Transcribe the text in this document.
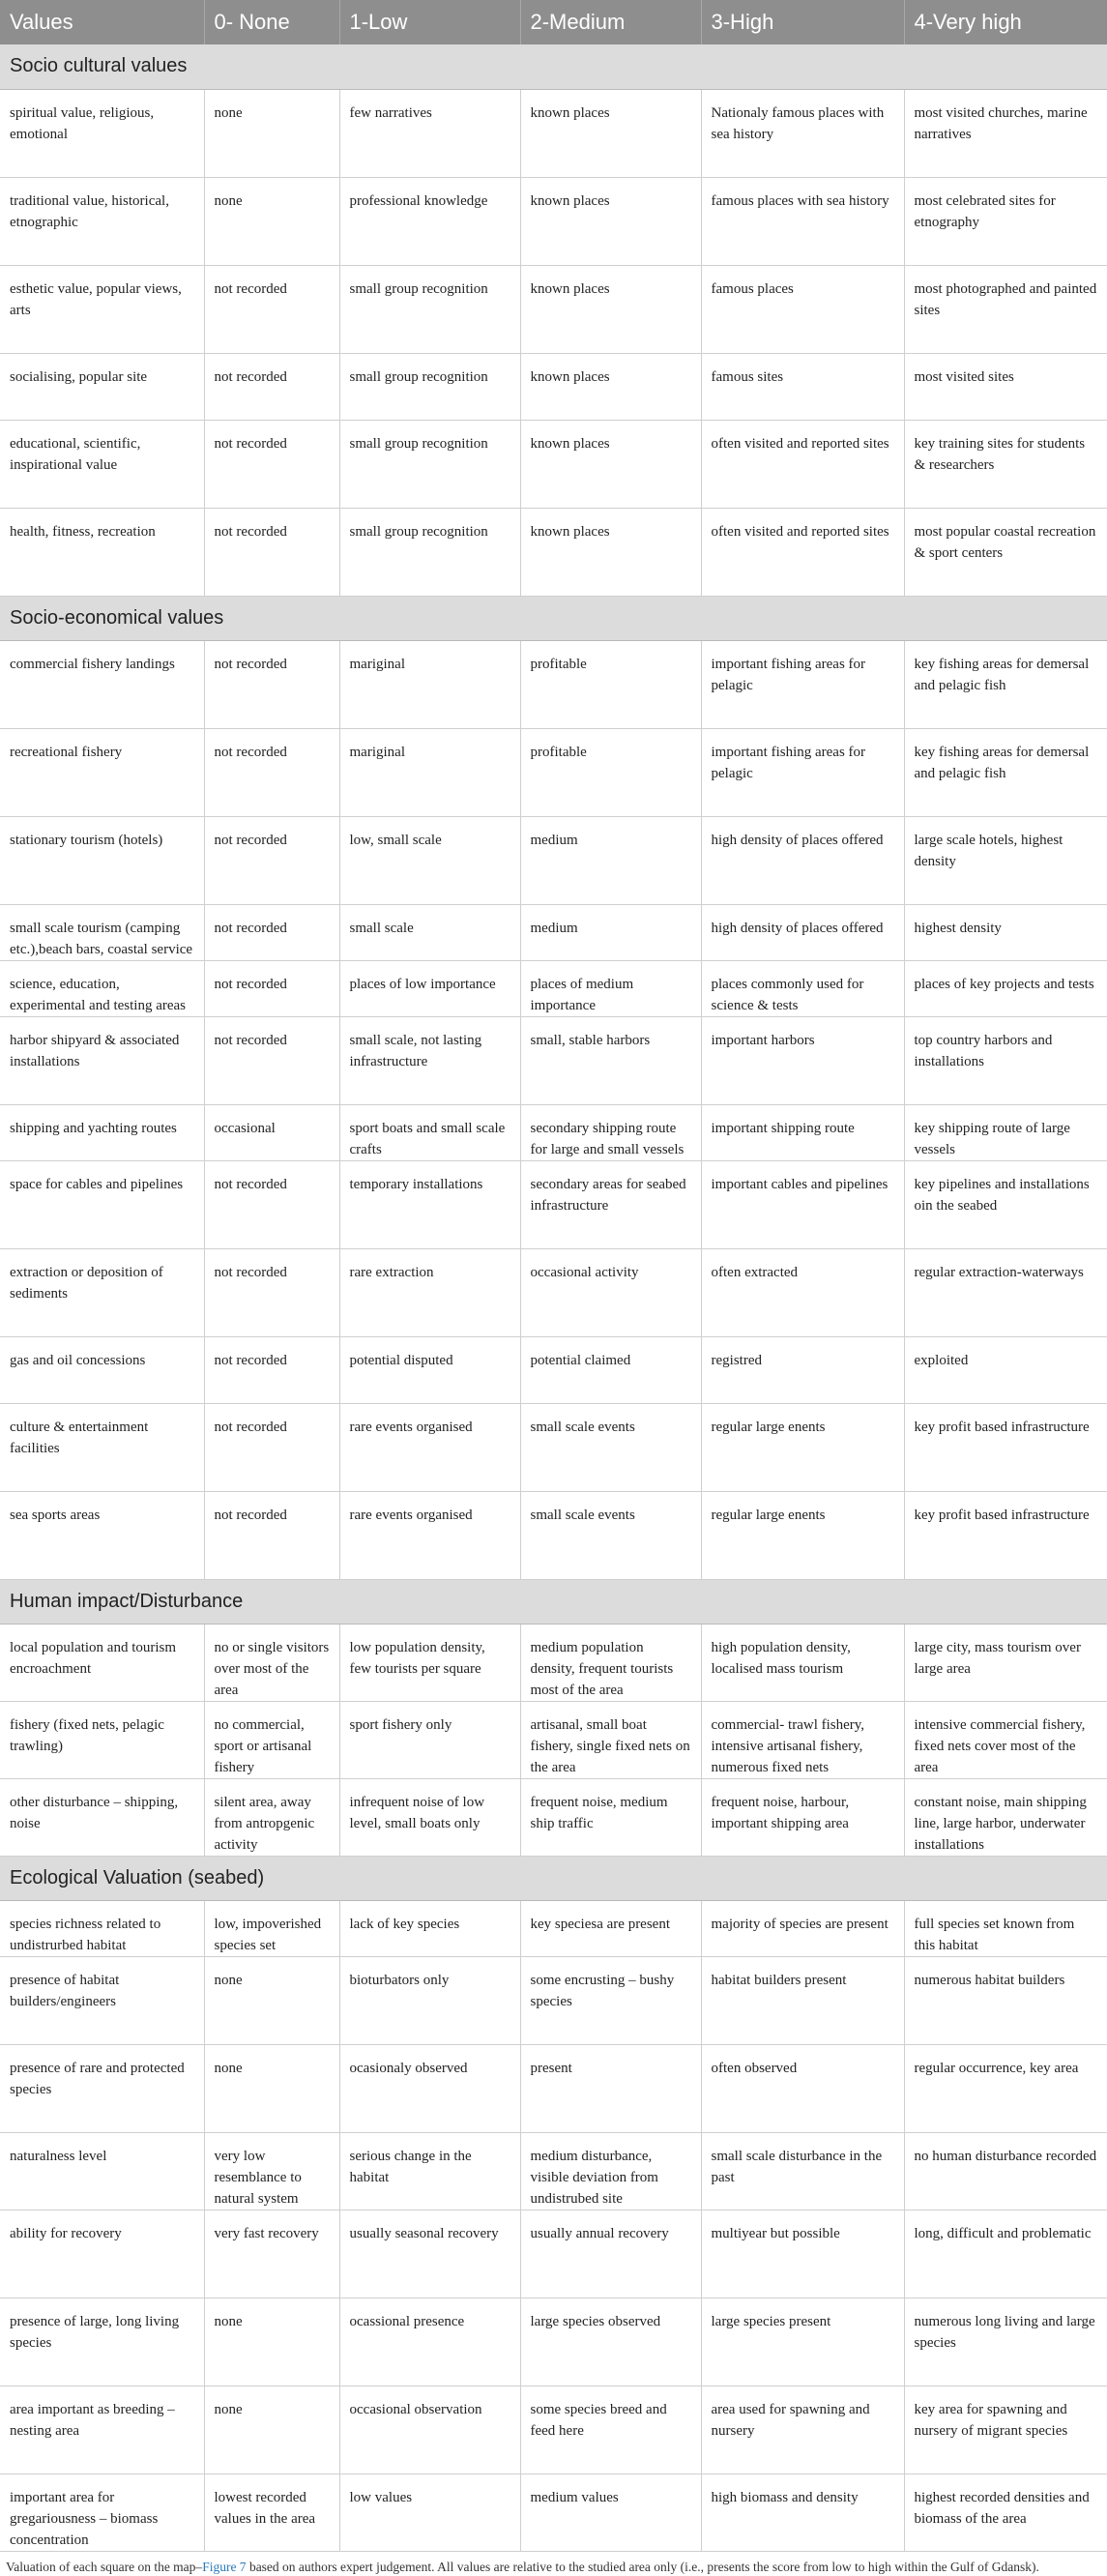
Values	0- None	1-Low	2-Medium	3-High	4-Very high
Socio cultural values					
spiritual value, religious, emotional	none	few narratives	known places	Nationaly famous places with sea history	most visited churches, marine narratives
traditional value, historical, etnographic	none	professional knowledge	known places	famous places with sea history	most celebrated sites for etnography
esthetic value, popular views, arts	not recorded	small group recognition	known places	famous places	most photographed and painted sites
socialising, popular site	not recorded	small group recognition	known places	famous sites	most visited sites
educational, scientific, inspirational value	not recorded	small group recognition	known places	often visited and reported sites	key training sites for students & researchers
health, fitness, recreation	not recorded	small group recognition	known places	often visited and reported sites	most popular coastal recreation & sport centers
Socio-economical values					
commercial fishery landings	not recorded	mariginal	profitable	important fishing areas for pelagic	key fishing areas for demersal and pelagic fish
recreational fishery	not recorded	mariginal	profitable	important fishing areas for pelagic	key fishing areas for demersal and pelagic fish
stationary tourism (hotels)	not recorded	low, small scale	medium	high density of places offered	large scale hotels, highest density
small scale tourism (camping etc.),beach bars, coastal service	not recorded	small scale	medium	high density of places offered	highest density
science, education, experimental and testing areas	not recorded	places of low importance	places of medium importance	places commonly used for science & tests	places of key projects and tests
harbor shipyard & associated installations	not recorded	small scale, not lasting infrastructure	small, stable harbors	important harbors	top country harbors and installations
shipping and yachting routes	occasional	sport boats and small scale crafts	secondary shipping route for large and small vessels	important shipping route	key shipping route of large vessels
space for cables and pipelines	not recorded	temporary installations	secondary areas for seabed infrastructure	important cables and pipelines	key pipelines and installations oin the seabed
extraction or deposition of sediments	not recorded	rare extraction	occasional activity	often extracted	regular extraction-waterways
gas and oil concessions	not recorded	potential disputed	potential claimed	registred	exploited
culture & entertainment facilities	not recorded	rare events organised	small scale events	regular large enents	key profit based infrastructure
sea sports areas	not recorded	rare events organised	small scale events	regular large enents	key profit based infrastructure
Human impact/Disturbance					
local population and tourism encroachment	no or single visitors over most of the area	low population density, few tourists per square	medium population density, frequent tourists most of the area	high population density, localised mass tourism	large city, mass tourism over large area
fishery (fixed nets, pelagic trawling)	no commercial, sport or artisanal fishery	sport fishery only	artisanal, small boat fishery, single fixed nets on the area	commercial- trawl fishery, intensive artisanal fishery, numerous fixed nets	intensive commercial fishery, fixed nets cover most of the area
other disturbance – shipping, noise	silent area, away from antropgenic activity	infrequent noise of low level, small boats only	frequent noise, medium ship traffic	frequent noise, harbour, important shipping area	constant noise, main shipping line, large harbor, underwater installations
Ecological Valuation (seabed)					
species richness related to undistrurbed habitat	low, impoverished species set	lack of key species	key speciesa are present	majority of species are present	full species set known from this habitat
presence of habitat builders/engineers	none	bioturbators only	some encrusting – bushy species	habitat builders present	numerous habitat builders
presence of rare and protected species	none	ocasionaly observed	present	often observed	regular occurrence, key area
naturalness level	very low resemblance to natural system	serious change in the habitat	medium disturbance, visible deviation from undistrubed site	small scale disturbance in the past	no human disturbance recorded
ability for recovery	very fast recovery	usually seasonal recovery	usually annual recovery	multiyear but possible	long, difficult and problematic
presence of large, long living species	none	ocassional presence	large species observed	large species present	numerous long living and large species
area important as breeding – nesting area	none	occasional observation	some species breed and feed here	area used for spawning and nursery	key area for spawning and nursery of migrant species
important area for gregariousness – biomass concentration	lowest recorded values in the area	low values	medium values	high biomass and density	highest recorded densities and biomass of the area
Valuation of each square on the map–Figure 7 based on authors expert judgement. All values are relative to the studied area only (i.e., presents the score from low to high within the Gulf of Gdansk).
